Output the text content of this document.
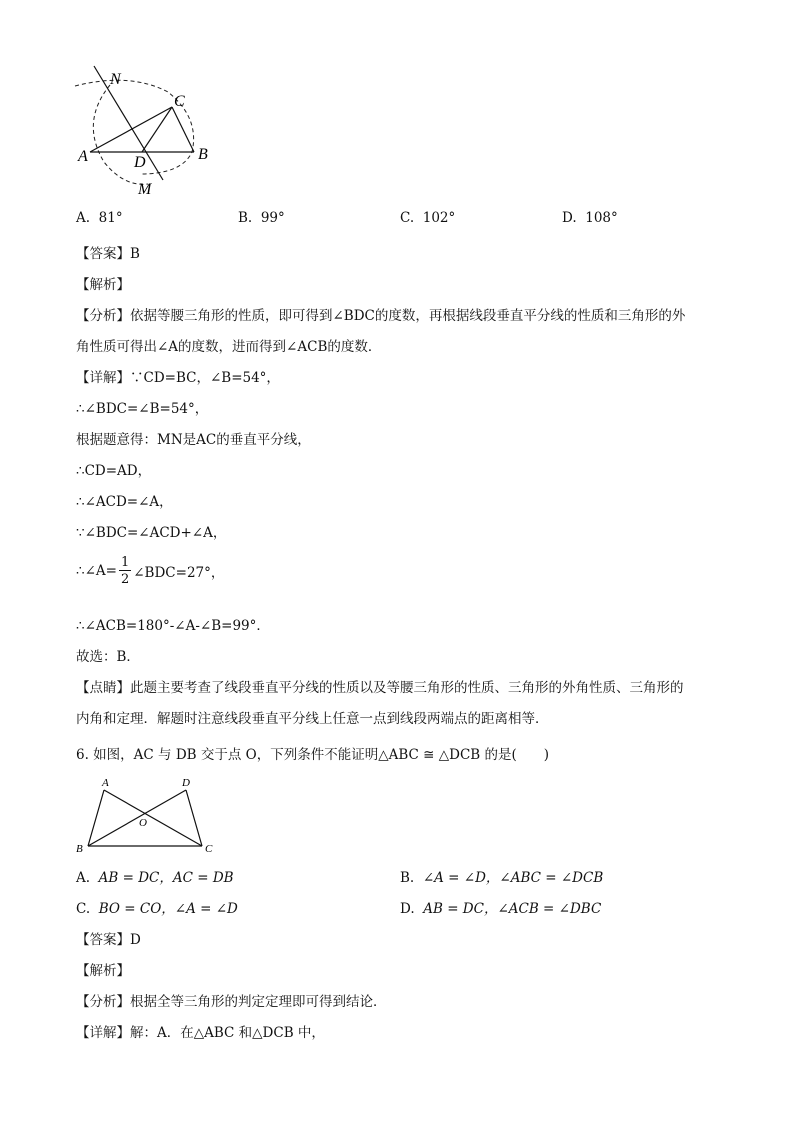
N
C
A	D	B
M
A. 81°	B. 99°	C. 102°	D. 108°
【答案】B
【解析】
【分析】依据等腰三角形的性质，即可得到∠BDC的度数，再根据线段垂直平分线的性质和三角形的外
角性质可得出∠A的度数，进而得到∠ACB的度数．
【详解】∵CD=BC，∠B=54°，
∴∠BDC=∠B=54°，
根据题意得：MN是AC的垂直平分线，
∴CD=AD，
∴∠ACD=∠A，
∵∠BDC=∠ACD+∠A，
∴∠A= $\frac{1}{2}$ ∠BDC=27°，
∴∠ACB=180°-∠A-∠B=99°．
故选：B．
【点睛】此题主要考查了线段垂直平分线的性质以及等腰三角形的性质、三角形的外角性质、三角形的
内角和定理．解题时注意线段垂直平分线上任意一点到线段两端点的距离相等．
6. 如图，AC 与 DB 交于点 O，下列条件不能证明△ABC ≅ △DCB 的是(　　)
A	D
O
B	C
A. AB = DC，AC = DB	B. ∠A = ∠D，∠ABC = ∠DCB
C. BO = CO，∠A = ∠D	D. AB = DC，∠ACB = ∠DBC
【答案】D
【解析】
【分析】根据全等三角形的判定定理即可得到结论．
【详解】解：A．在△ABC 和△DCB 中，
